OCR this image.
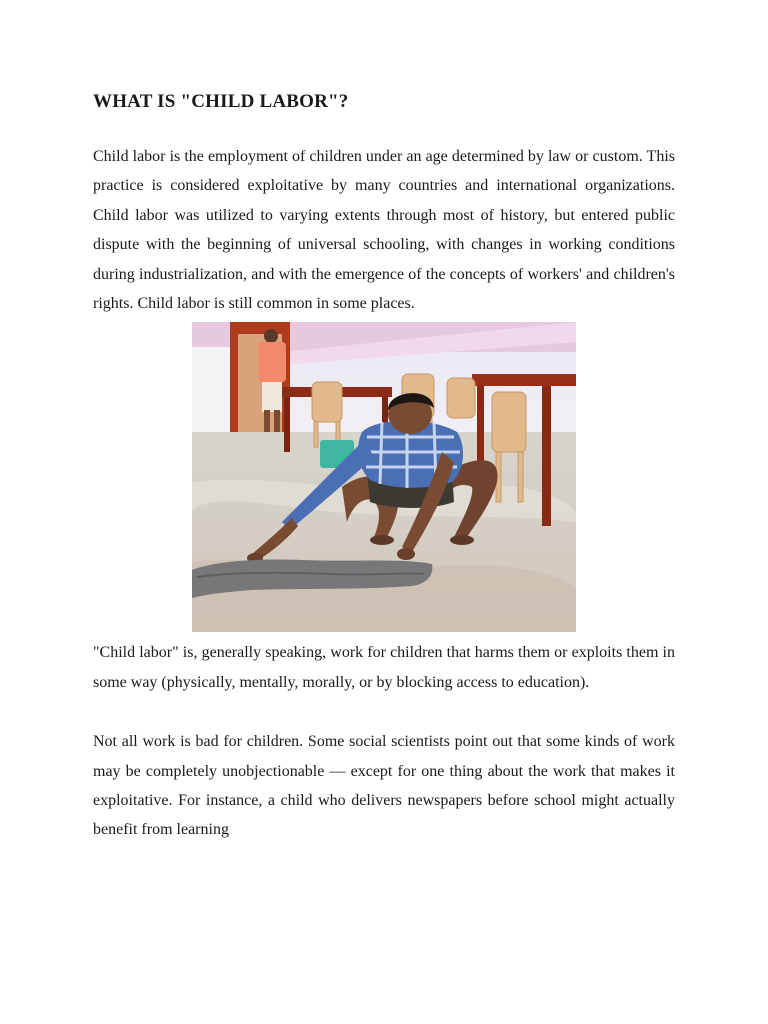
WHAT IS "CHILD LABOR"?

Child labor is the employment of children under an age determined by law or custom. This practice is considered exploitative by many countries and international organizations. Child labor was utilized to varying extents through most of history, but entered public dispute with the beginning of universal schooling, with changes in working conditions during industrialization, and with the emergence of the concepts of workers' and children's rights. Child labor is still common in some places.

"Child labor" is, generally speaking, work for children that harms them or exploits them in some way (physically, mentally, morally, or by blocking access to education).

Not all work is bad for children. Some social scientists point out that some kinds of work may be completely unobjectionable — except for one thing about the work that makes it exploitative. For instance, a child who delivers newspapers before school might actually benefit from learning
